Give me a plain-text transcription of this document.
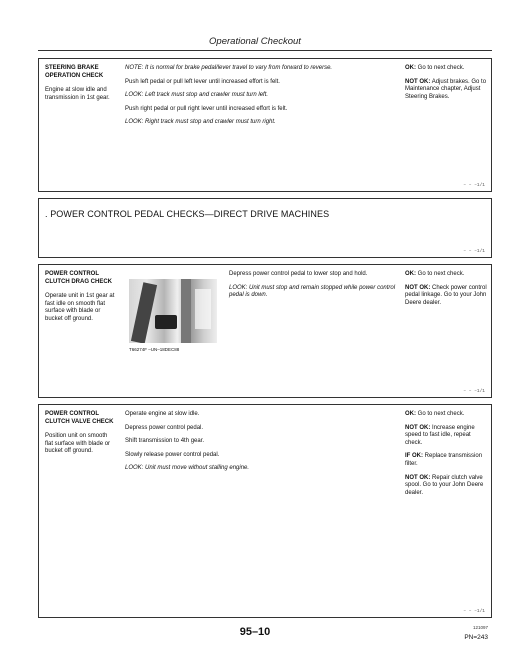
Operational Checkout
STEERING BRAKE
OPERATION CHECK
Engine at slow idle and transmission in 1st gear.

NOTE: It is normal for brake pedal/lever travel to vary from forward to reverse.

Push left pedal or pull left lever until increased effort is felt.

LOOK: Left track must stop and crawler must turn left.

Push right pedal or pull right lever until increased effort is felt.

LOOK: Right track must stop and crawler must turn right.

OK: Go to next check.

NOT OK: Adjust brakes. Go to Maintenance chapter, Adjust Steering Brakes.

– – –1/1
. POWER CONTROL PEDAL CHECKS—DIRECT DRIVE MACHINES
– – –1/1
POWER CONTROL
CLUTCH DRAG CHECK
Operate unit in 1st gear at fast idle on smooth flat surface with blade or bucket off ground.
T66274F –UN–18DEC88

Depress power control pedal to lower stop and hold.

LOOK: Unit must stop and remain stopped while power control pedal is down.

OK: Go to next check.

NOT OK: Check power control pedal linkage. Go to your John Deere dealer.

– – –1/1
POWER CONTROL
CLUTCH VALVE CHECK
Position unit on smooth flat surface with blade or bucket off ground.

Operate engine at slow idle.

Depress power control pedal.

Shift transmission to 4th gear.

Slowly release power control pedal.

LOOK: Unit must move without stalling engine.

OK: Go to next check.

NOT OK: Increase engine speed to fast idle, repeat check.

IF OK: Replace transmission filter.

NOT OK: Repair clutch valve spool. Go to your John Deere dealer.

– – –1/1
95–10	121097
PN=243
